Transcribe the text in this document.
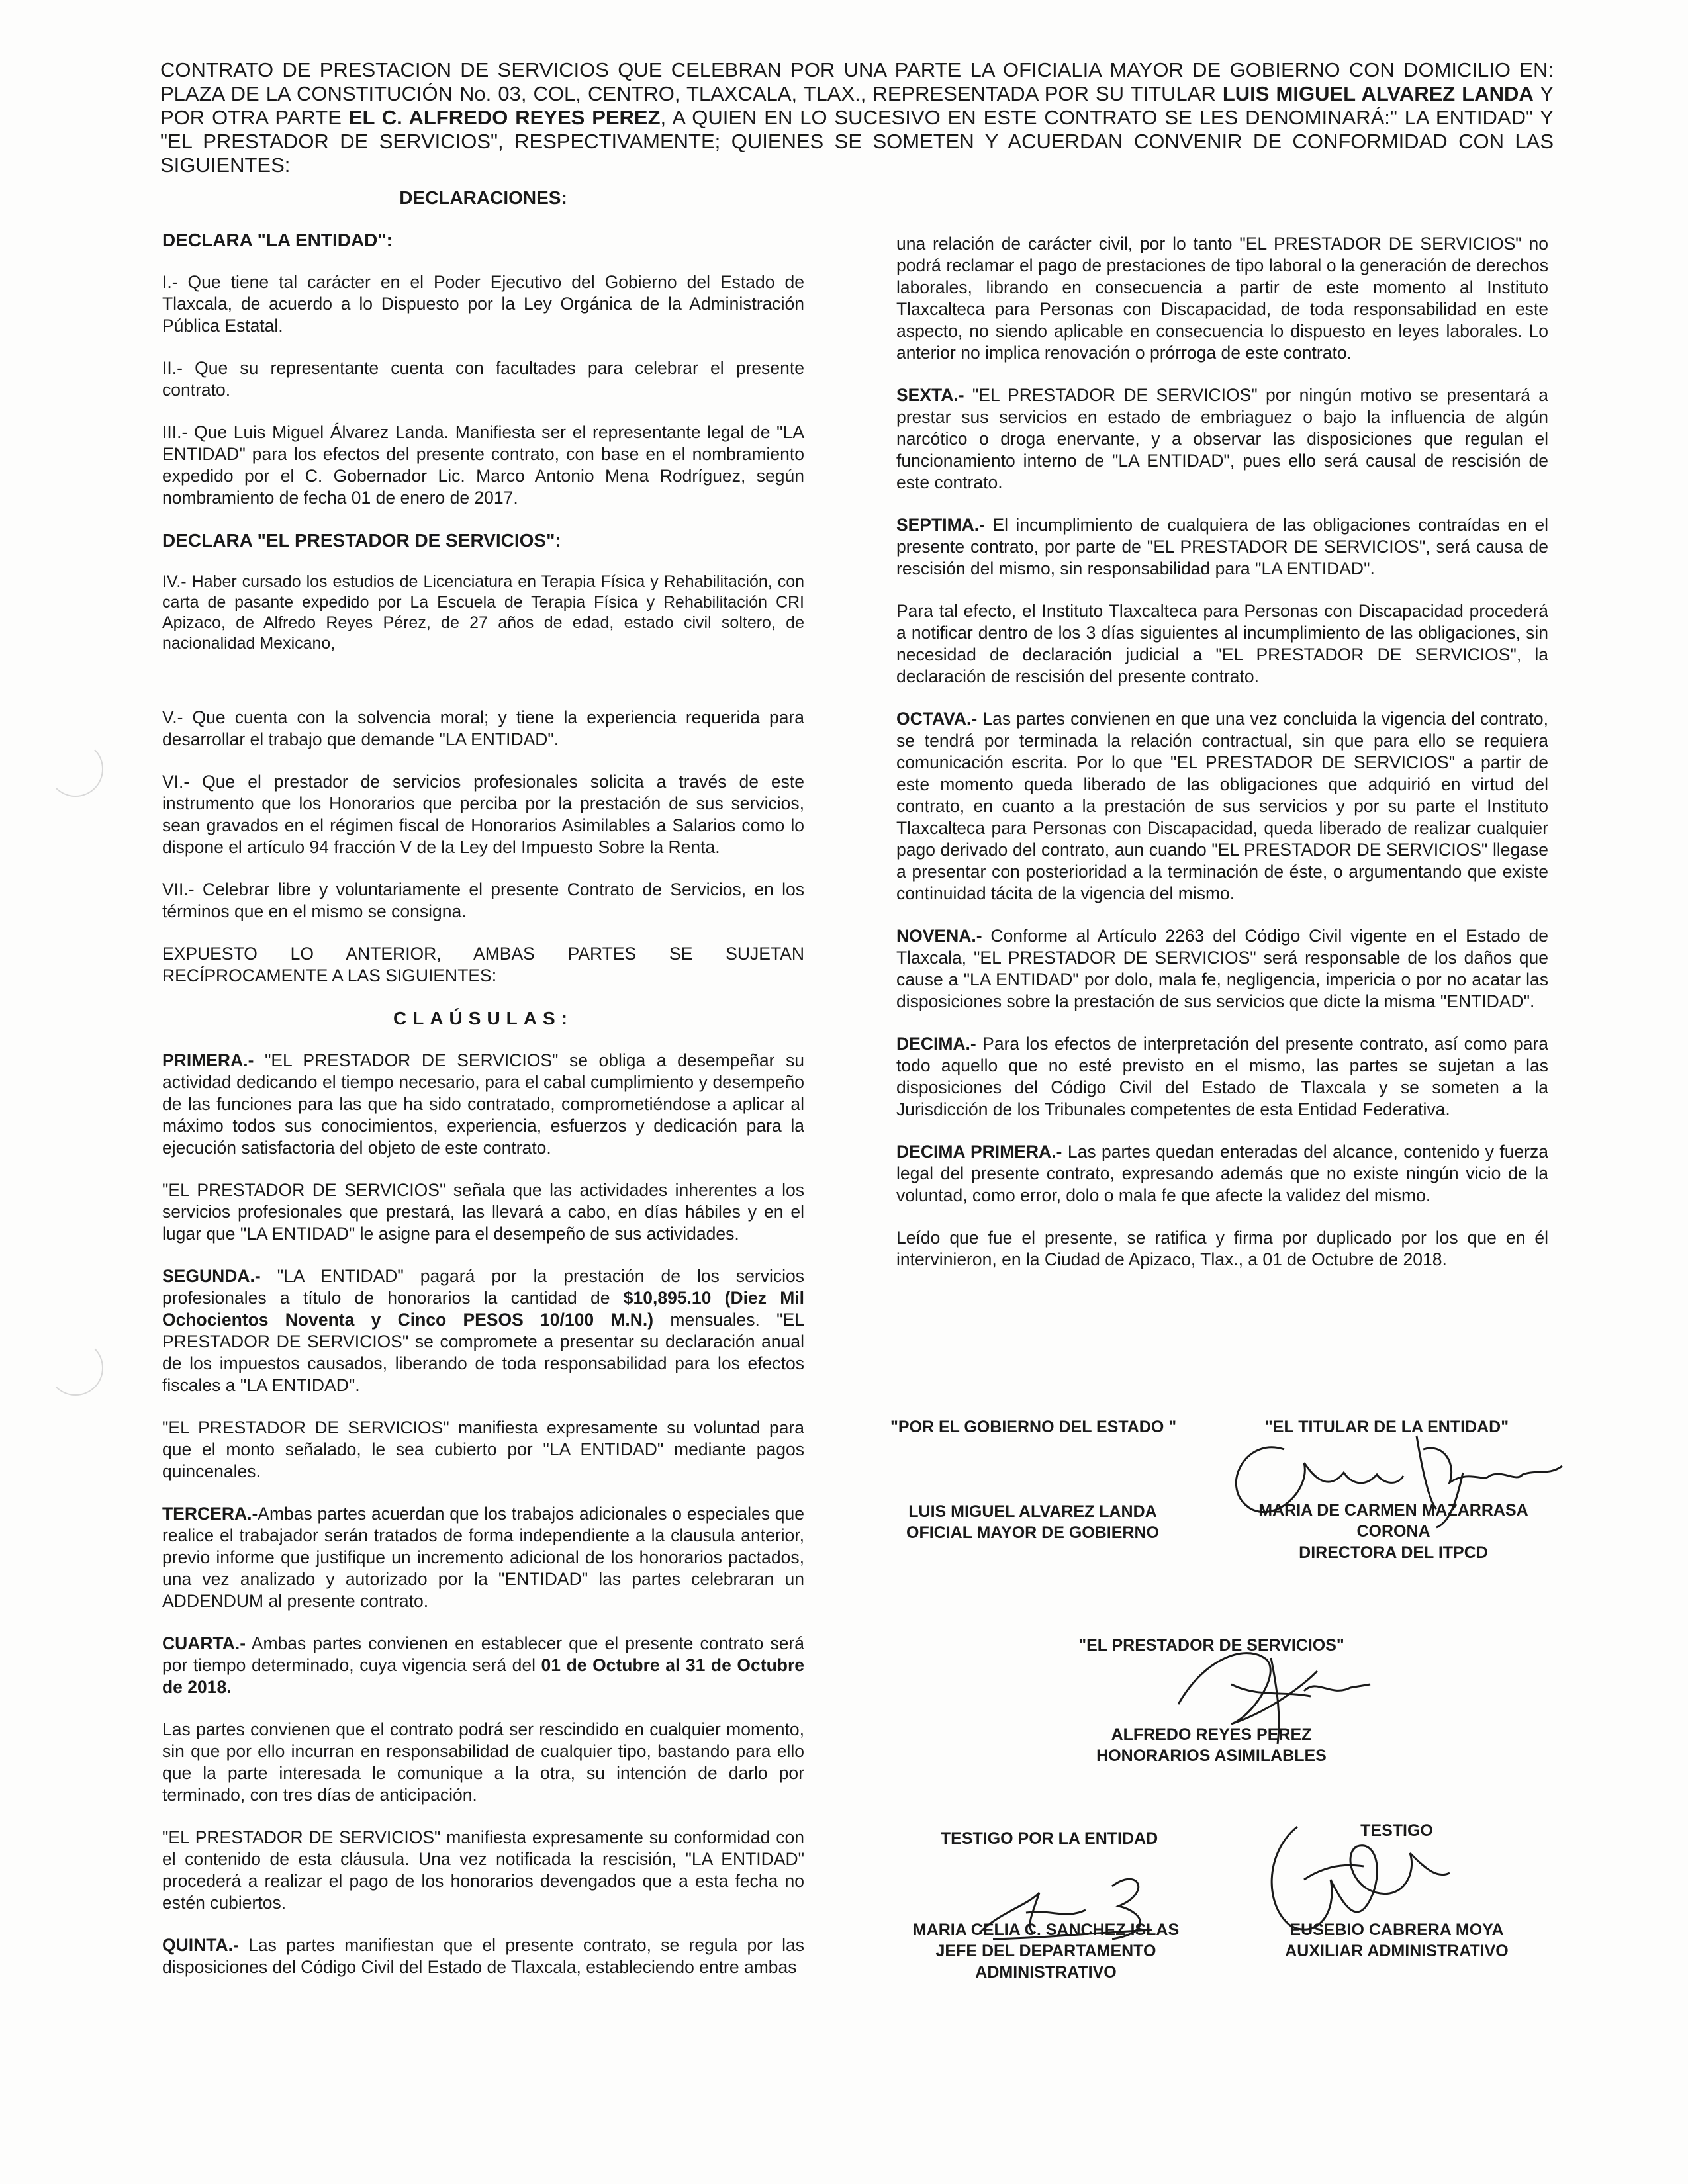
CONTRATO DE PRESTACION DE SERVICIOS QUE CELEBRAN POR UNA PARTE LA OFICIALIA MAYOR DE GOBIERNO CON DOMICILIO EN: PLAZA DE LA CONSTITUCIÓN No. 03, COL, CENTRO, TLAXCALA, TLAX., REPRESENTADA POR SU TITULAR LUIS MIGUEL ALVAREZ LANDA Y POR OTRA PARTE EL C. ALFREDO REYES PEREZ, A QUIEN EN LO SUCESIVO EN ESTE CONTRATO SE LES DENOMINARÁ:" LA ENTIDAD" Y "EL PRESTADOR DE SERVICIOS", RESPECTIVAMENTE; QUIENES SE SOMETEN Y ACUERDAN CONVENIR DE CONFORMIDAD CON LAS SIGUIENTES:

DECLARACIONES:

DECLARA "LA ENTIDAD":

I.- Que tiene tal carácter en el Poder Ejecutivo del Gobierno del Estado de Tlaxcala, de acuerdo a lo Dispuesto por la Ley Orgánica de la Administración Pública Estatal.

II.- Que su representante cuenta con facultades para celebrar el presente contrato.

III.- Que Luis Miguel Álvarez Landa. Manifiesta ser el representante legal de "LA ENTIDAD" para los efectos del presente contrato, con base en el nombramiento expedido por el C. Gobernador Lic. Marco Antonio Mena Rodríguez, según nombramiento de fecha 01 de enero de 2017.

DECLARA "EL PRESTADOR DE SERVICIOS":

IV.- Haber cursado los estudios de Licenciatura en Terapia Física y Rehabilitación, con carta de pasante expedido por La Escuela de Terapia Física y Rehabilitación CRI Apizaco, de Alfredo Reyes Pérez, de 27 años de edad, estado civil soltero, de nacionalidad Mexicano,

V.- Que cuenta con la solvencia moral; y tiene la experiencia requerida para desarrollar el trabajo que demande "LA ENTIDAD".

VI.- Que el prestador de servicios profesionales solicita a través de este instrumento que los Honorarios que perciba por la prestación de sus servicios, sean gravados en el régimen fiscal de Honorarios Asimilables a Salarios como lo dispone el artículo 94 fracción V de la Ley del Impuesto Sobre la Renta.

VII.- Celebrar libre y voluntariamente el presente Contrato de Servicios, en los términos que en el mismo se consigna.

EXPUESTO LO ANTERIOR, AMBAS PARTES SE SUJETAN RECÍPROCAMENTE A LAS SIGUIENTES:

CLAÚSULAS:

PRIMERA.- "EL PRESTADOR DE SERVICIOS" se obliga a desempeñar su actividad dedicando el tiempo necesario, para el cabal cumplimiento y desempeño de las funciones para las que ha sido contratado, comprometiéndose a aplicar al máximo todos sus conocimientos, experiencia, esfuerzos y dedicación para la ejecución satisfactoria del objeto de este contrato.

"EL PRESTADOR DE SERVICIOS" señala que las actividades inherentes a los servicios profesionales que prestará, las llevará a cabo, en días hábiles y en el lugar que "LA ENTIDAD" le asigne para el desempeño de sus actividades.

SEGUNDA.- "LA ENTIDAD" pagará por la prestación de los servicios profesionales a título de honorarios la cantidad de $10,895.10 (Diez Mil Ochocientos Noventa y Cinco PESOS 10/100 M.N.) mensuales. "EL PRESTADOR DE SERVICIOS" se compromete a presentar su declaración anual de los impuestos causados, liberando de toda responsabilidad para los efectos fiscales a "LA ENTIDAD".

"EL PRESTADOR DE SERVICIOS" manifiesta expresamente su voluntad para que el monto señalado, le sea cubierto por "LA ENTIDAD" mediante pagos quincenales.

TERCERA.-Ambas partes acuerdan que los trabajos adicionales o especiales que realice el trabajador serán tratados de forma independiente a la clausula anterior, previo informe que justifique un incremento adicional de los honorarios pactados, una vez analizado y autorizado por la "ENTIDAD" las partes celebraran un ADDENDUM al presente contrato.

CUARTA.- Ambas partes convienen en establecer que el presente contrato será por tiempo determinado, cuya vigencia será del 01 de Octubre al 31 de Octubre de 2018.

Las partes convienen que el contrato podrá ser rescindido en cualquier momento, sin que por ello incurran en responsabilidad de cualquier tipo, bastando para ello que la parte interesada le comunique a la otra, su intención de darlo por terminado, con tres días de anticipación.

"EL PRESTADOR DE SERVICIOS" manifiesta expresamente su conformidad con el contenido de esta cláusula. Una vez notificada la rescisión, "LA ENTIDAD" procederá a realizar el pago de los honorarios devengados que a esta fecha no estén cubiertos.

QUINTA.- Las partes manifiestan que el presente contrato, se regula por las disposiciones del Código Civil del Estado de Tlaxcala, estableciendo entre ambas

una relación de carácter civil, por lo tanto "EL PRESTADOR DE SERVICIOS" no podrá reclamar el pago de prestaciones de tipo laboral o la generación de derechos laborales, librando en consecuencia a partir de este momento al Instituto Tlaxcalteca para Personas con Discapacidad, de toda responsabilidad en este aspecto, no siendo aplicable en consecuencia lo dispuesto en leyes laborales. Lo anterior no implica renovación o prórroga de este contrato.

SEXTA.- "EL PRESTADOR DE SERVICIOS" por ningún motivo se presentará a prestar sus servicios en estado de embriaguez o bajo la influencia de algún narcótico o droga enervante, y a observar las disposiciones que regulan el funcionamiento interno de "LA ENTIDAD", pues ello será causal de rescisión de este contrato.

SEPTIMA.- El incumplimiento de cualquiera de las obligaciones contraídas en el presente contrato, por parte de "EL PRESTADOR DE SERVICIOS", será causa de rescisión del mismo, sin responsabilidad para "LA ENTIDAD".

Para tal efecto, el Instituto Tlaxcalteca para Personas con Discapacidad procederá a notificar dentro de los 3 días siguientes al incumplimiento de las obligaciones, sin necesidad de declaración judicial a "EL PRESTADOR DE SERVICIOS", la declaración de rescisión del presente contrato.

OCTAVA.- Las partes convienen en que una vez concluida la vigencia del contrato, se tendrá por terminada la relación contractual, sin que para ello se requiera comunicación escrita. Por lo que "EL PRESTADOR DE SERVICIOS" a partir de este momento queda liberado de las obligaciones que adquirió en virtud del contrato, en cuanto a la prestación de sus servicios y por su parte el Instituto Tlaxcalteca para Personas con Discapacidad, queda liberado de realizar cualquier pago derivado del contrato, aun cuando "EL PRESTADOR DE SERVICIOS" llegase a presentar con posterioridad a la terminación de éste, o argumentando que existe continuidad tácita de la vigencia del mismo.

NOVENA.- Conforme al Artículo 2263 del Código Civil vigente en el Estado de Tlaxcala, "EL PRESTADOR DE SERVICIOS" será responsable de los daños que cause a "LA ENTIDAD" por dolo, mala fe, negligencia, impericia o por no acatar las disposiciones sobre la prestación de sus servicios que dicte la misma "ENTIDAD".

DECIMA.- Para los efectos de interpretación del presente contrato, así como para todo aquello que no esté previsto en el mismo, las partes se sujetan a las disposiciones del Código Civil del Estado de Tlaxcala y se someten a la Jurisdicción de los Tribunales competentes de esta Entidad Federativa.

DECIMA PRIMERA.- Las partes quedan enteradas del alcance, contenido y fuerza legal del presente contrato, expresando además que no existe ningún vicio de la voluntad, como error, dolo o mala fe que afecte la validez del mismo.

Leído que fue el presente, se ratifica y firma por duplicado por los que en él intervinieron, en la Ciudad de Apizaco, Tlax., a 01 de Octubre de 2018.

"POR EL GOBIERNO DEL ESTADO "
LUIS MIGUEL ALVAREZ LANDA
OFICIAL MAYOR DE GOBIERNO
"EL TITULAR DE LA ENTIDAD"
MARIA DE CARMEN MAZARRASA
CORONA
DIRECTORA DEL ITPCD
"EL PRESTADOR DE SERVICIOS"
ALFREDO REYES PEREZ
HONORARIOS ASIMILABLES
TESTIGO POR LA ENTIDAD
MARIA CELIA C. SANCHEZ ISLAS
JEFE DEL DEPARTAMENTO
ADMINISTRATIVO
TESTIGO
EUSEBIO CABRERA MOYA
AUXILIAR ADMINISTRATIVO
